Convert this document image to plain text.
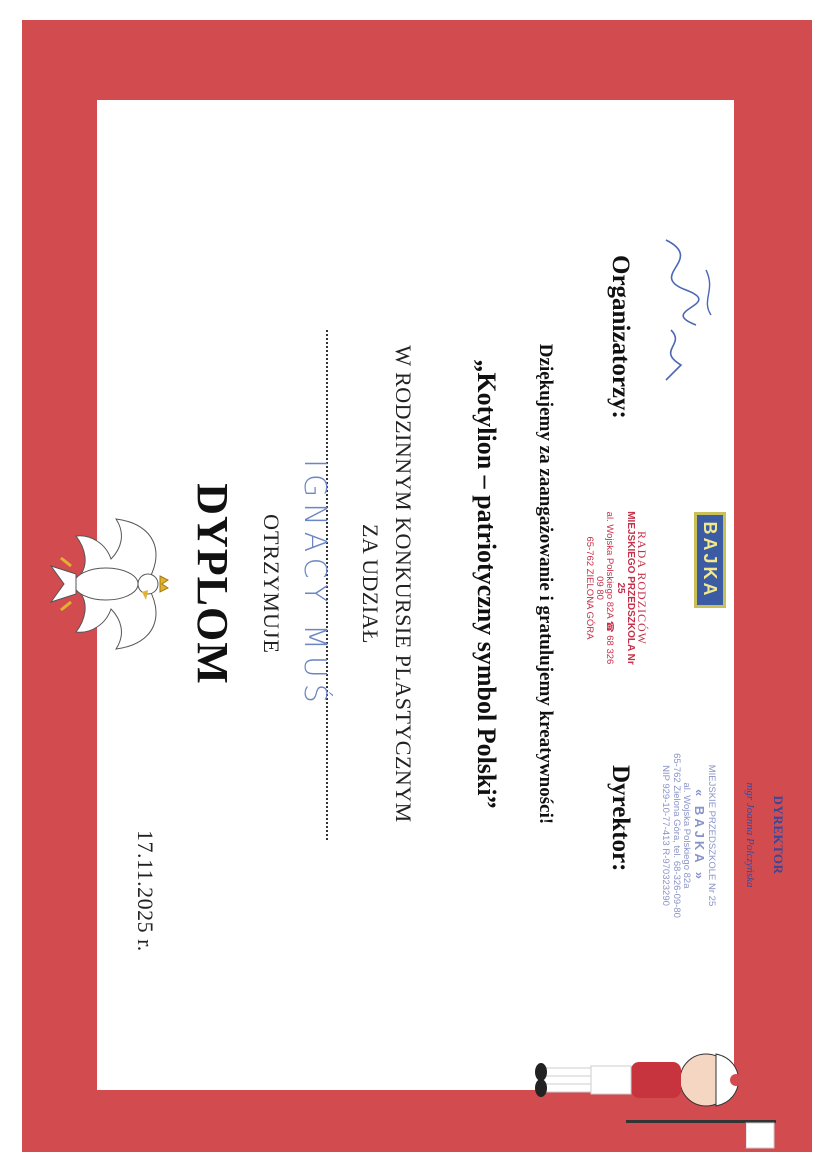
17.11.2025 r.
DYPLOM OTRZYMUJE IGNACY MUŚ ZA UDZIAŁ W RODZINNYM KONKURSIE PLASTYCZNYM „Kotylion – patriotyczny symbol Polski” Dziękujemy za zaangażowanie i gratulujemy kreatywności!
Organizatorzy:
Dyrektor:
RADA RODZICÓW
MIEJSKIEGO PRZEDSZKOLA Nr 25
al. Wojska Polskiego 82A ☎ 68 326 09 80
65-762 ZIELONA GÓRA	BAJKA
MIEJSKIE PRZEDSZKOLE Nr 25
« BAJKA »
al. Wojska Polskiego 82a
65-762 Zielona Góra, tel. 68-326-09-80
NIP 929-10-77-413 R-970323290	DYREKTOR
mgr Joanna Polczyńska
